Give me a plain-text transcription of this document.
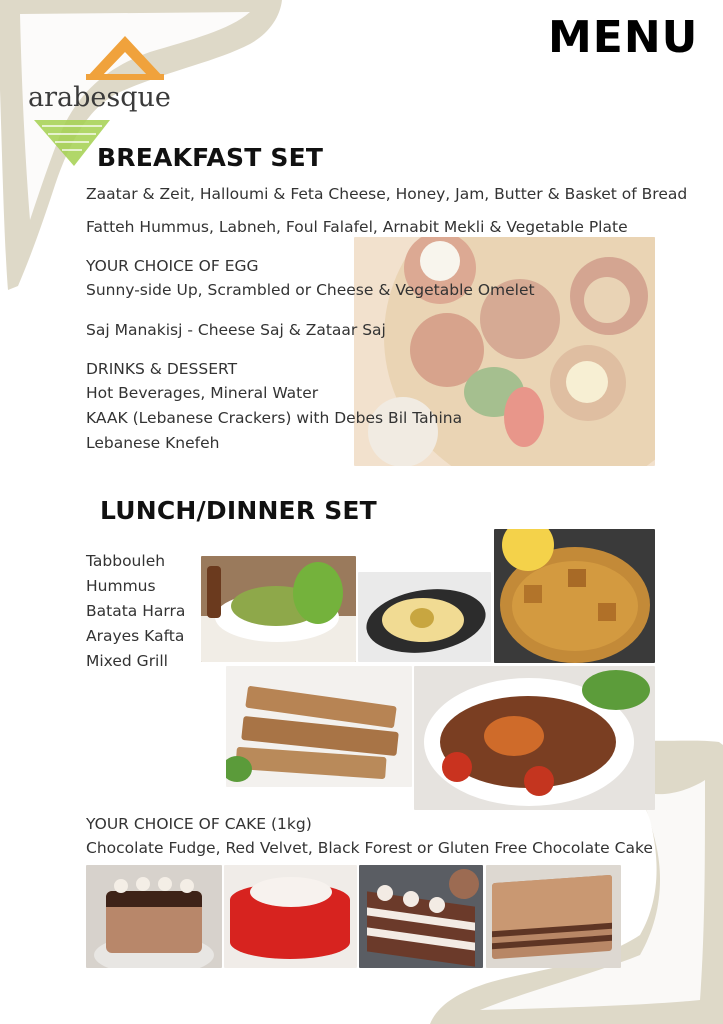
arabesque
MENU
BREAKFAST SET
Zaatar & Zeit, Halloumi & Feta Cheese, Honey, Jam, Butter & Basket of Bread
Fatteh Hummus, Labneh, Foul Falafel, Arnabit Mekli & Vegetable Plate
YOUR CHOICE OF EGG
Sunny-side Up, Scrambled or Cheese & Vegetable Omelet
Saj Manakisj - Cheese Saj & Zataar Saj
DRINKS & DESSERT
Hot Beverages, Mineral Water
KAAK (Lebanese Crackers) with Debes Bil Tahina
Lebanese Knefeh
LUNCH/DINNER SET
Tabbouleh
Hummus
Batata Harra
Arayes Kafta
Mixed Grill
YOUR CHOICE OF CAKE (1kg)
Chocolate Fudge, Red Velvet, Black Forest or Gluten Free Chocolate Cake
